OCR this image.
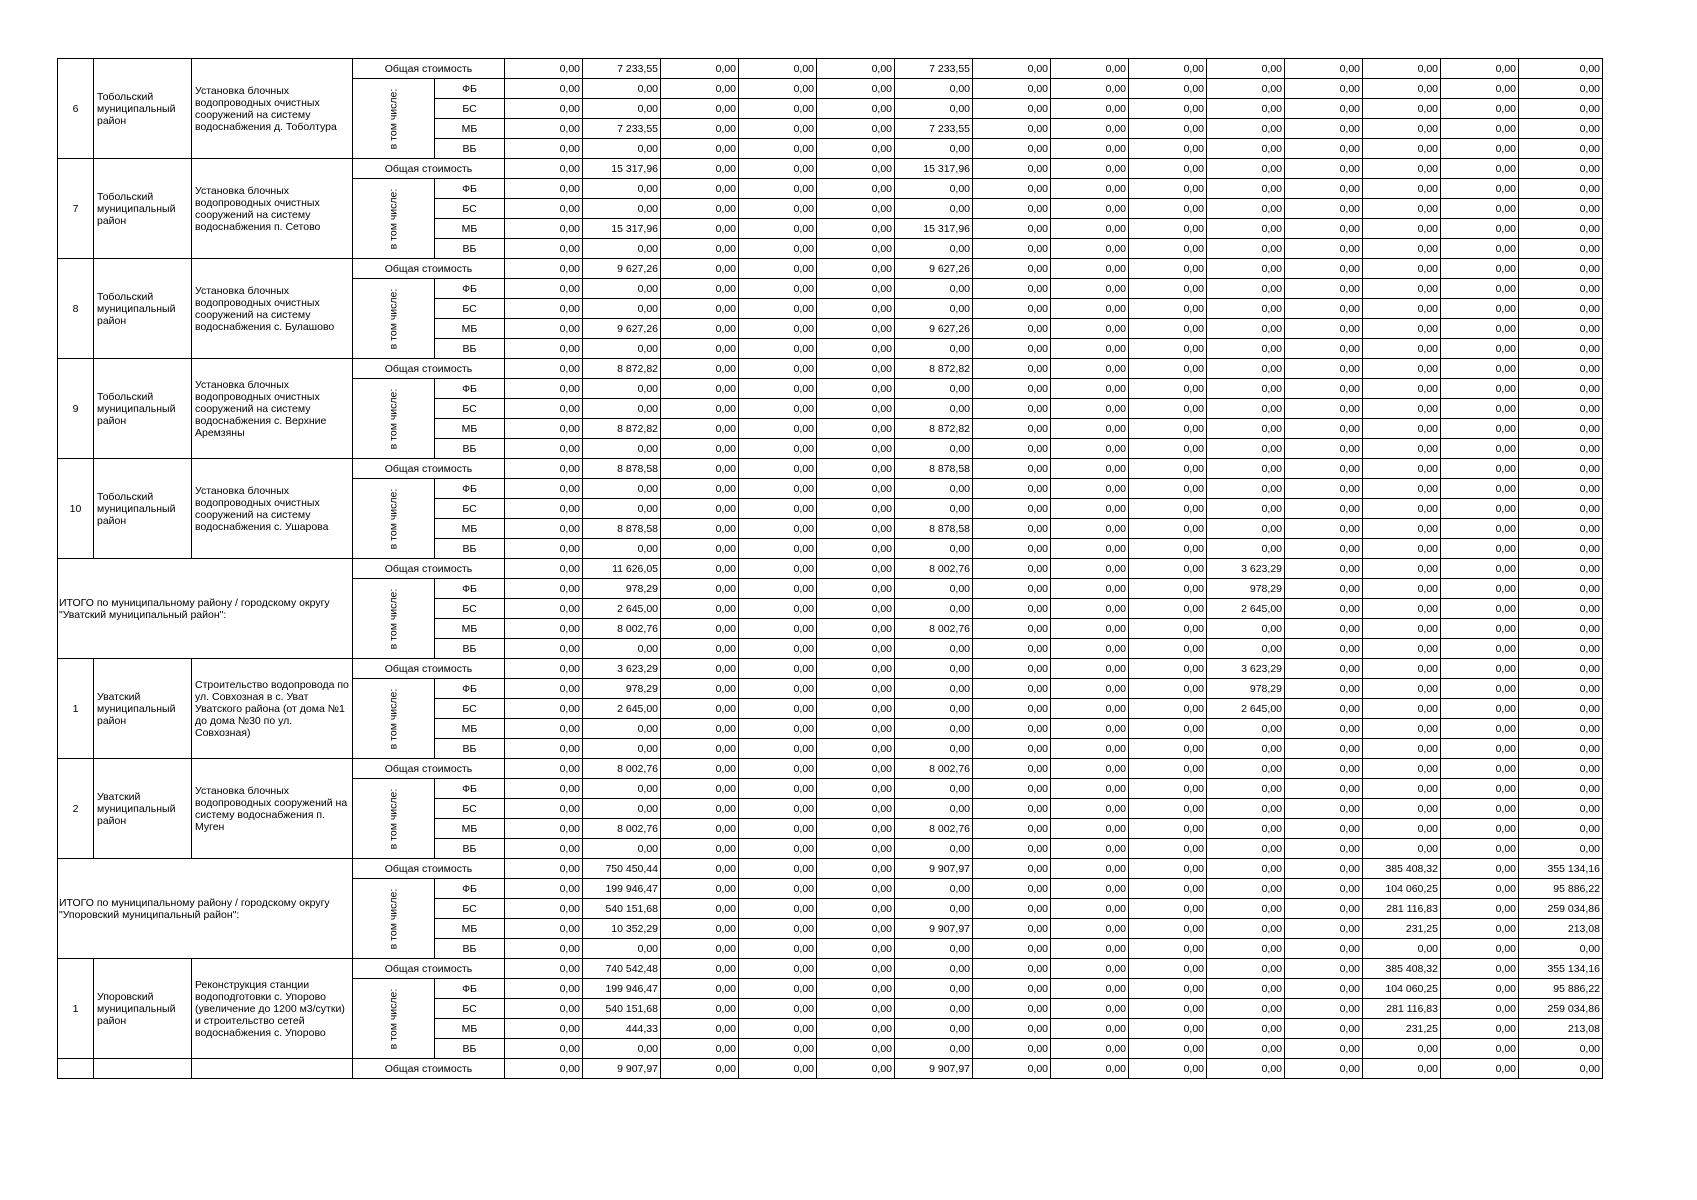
6	Тобольский муниципальный район	Установка блочных водопроводных очистных сооружений на систему водоснабжения д. Тоболтура	Общая стоимость		0,00	7 233,55	0,00	0,00	0,00	7 233,55	0,00	0,00	0,00	0,00	0,00	0,00	0,00	0,00

			в том числе:	ФБ	0,00	0,00	0,00	0,00	0,00	0,00	0,00	0,00	0,00	0,00	0,00	0,00	0,00	0,00
				БС	0,00	0,00	0,00	0,00	0,00	0,00	0,00	0,00	0,00	0,00	0,00	0,00	0,00	0,00
				МБ	0,00	7 233,55	0,00	0,00	0,00	7 233,55	0,00	0,00	0,00	0,00	0,00	0,00	0,00	0,00
				ВБ	0,00	0,00	0,00	0,00	0,00	0,00	0,00	0,00	0,00	0,00	0,00	0,00	0,00	0,00
7	Тобольский муниципальный район	Установка блочных водопроводных очистных сооружений на систему водоснабжения п. Сетово	Общая стоимость		0,00	15 317,96	0,00	0,00	0,00	15 317,96	0,00	0,00	0,00	0,00	0,00	0,00	0,00	0,00

			в том числе:	ФБ	0,00	0,00	0,00	0,00	0,00	0,00	0,00	0,00	0,00	0,00	0,00	0,00	0,00	0,00
				БС	0,00	0,00	0,00	0,00	0,00	0,00	0,00	0,00	0,00	0,00	0,00	0,00	0,00	0,00
				МБ	0,00	15 317,96	0,00	0,00	0,00	15 317,96	0,00	0,00	0,00	0,00	0,00	0,00	0,00	0,00
				ВБ	0,00	0,00	0,00	0,00	0,00	0,00	0,00	0,00	0,00	0,00	0,00	0,00	0,00	0,00
8	Тобольский муниципальный район	Установка блочных водопроводных очистных сооружений на систему водоснабжения с. Булашово	Общая стоимость		0,00	9 627,26	0,00	0,00	0,00	9 627,26	0,00	0,00	0,00	0,00	0,00	0,00	0,00	0,00

			в том числе:	ФБ	0,00	0,00	0,00	0,00	0,00	0,00	0,00	0,00	0,00	0,00	0,00	0,00	0,00	0,00
				БС	0,00	0,00	0,00	0,00	0,00	0,00	0,00	0,00	0,00	0,00	0,00	0,00	0,00	0,00
				МБ	0,00	9 627,26	0,00	0,00	0,00	9 627,26	0,00	0,00	0,00	0,00	0,00	0,00	0,00	0,00
				ВБ	0,00	0,00	0,00	0,00	0,00	0,00	0,00	0,00	0,00	0,00	0,00	0,00	0,00	0,00
9	Тобольский муниципальный район	Установка блочных водопроводных очистных сооружений на систему водоснабжения с. Верхние Аремзяны	Общая стоимость		0,00	8 872,82	0,00	0,00	0,00	8 872,82	0,00	0,00	0,00	0,00	0,00	0,00	0,00	0,00

			в том числе:	ФБ	0,00	0,00	0,00	0,00	0,00	0,00	0,00	0,00	0,00	0,00	0,00	0,00	0,00	0,00
				БС	0,00	0,00	0,00	0,00	0,00	0,00	0,00	0,00	0,00	0,00	0,00	0,00	0,00	0,00
				МБ	0,00	8 872,82	0,00	0,00	0,00	8 872,82	0,00	0,00	0,00	0,00	0,00	0,00	0,00	0,00
				ВБ	0,00	0,00	0,00	0,00	0,00	0,00	0,00	0,00	0,00	0,00	0,00	0,00	0,00	0,00
10	Тобольский муниципальный район	Установка блочных водопроводных очистных сооружений на систему водоснабжения с. Ушарова	Общая стоимость		0,00	8 878,58	0,00	0,00	0,00	8 878,58	0,00	0,00	0,00	0,00	0,00	0,00	0,00	0,00

			в том числе:	ФБ	0,00	0,00	0,00	0,00	0,00	0,00	0,00	0,00	0,00	0,00	0,00	0,00	0,00	0,00
				БС	0,00	0,00	0,00	0,00	0,00	0,00	0,00	0,00	0,00	0,00	0,00	0,00	0,00	0,00
				МБ	0,00	8 878,58	0,00	0,00	0,00	8 878,58	0,00	0,00	0,00	0,00	0,00	0,00	0,00	0,00
				ВБ	0,00	0,00	0,00	0,00	0,00	0,00	0,00	0,00	0,00	0,00	0,00	0,00	0,00	0,00
ИТОГО по муниципальному району / городскому округу "Уватский муниципальный район":			Общая стоимость		0,00	11 626,05	0,00	0,00	0,00	8 002,76	0,00	0,00	0,00	3 623,29	0,00	0,00	0,00	0,00

			в том числе:	ФБ	0,00	978,29	0,00	0,00	0,00	0,00	0,00	0,00	0,00	978,29	0,00	0,00	0,00	0,00
				БС	0,00	2 645,00	0,00	0,00	0,00	0,00	0,00	0,00	0,00	2 645,00	0,00	0,00	0,00	0,00
				МБ	0,00	8 002,76	0,00	0,00	0,00	8 002,76	0,00	0,00	0,00	0,00	0,00	0,00	0,00	0,00
				ВБ	0,00	0,00	0,00	0,00	0,00	0,00	0,00	0,00	0,00	0,00	0,00	0,00	0,00	0,00
1	Уватский муниципальный район	Строительство водопровода по ул. Совхозная в с. Уват Уватского района (от дома №1 до дома №30 по ул. Совхозная)	Общая стоимость		0,00	3 623,29	0,00	0,00	0,00	0,00	0,00	0,00	0,00	3 623,29	0,00	0,00	0,00	0,00

			в том числе:	ФБ	0,00	978,29	0,00	0,00	0,00	0,00	0,00	0,00	0,00	978,29	0,00	0,00	0,00	0,00
				БС	0,00	2 645,00	0,00	0,00	0,00	0,00	0,00	0,00	0,00	2 645,00	0,00	0,00	0,00	0,00
				МБ	0,00	0,00	0,00	0,00	0,00	0,00	0,00	0,00	0,00	0,00	0,00	0,00	0,00	0,00
				ВБ	0,00	0,00	0,00	0,00	0,00	0,00	0,00	0,00	0,00	0,00	0,00	0,00	0,00	0,00
2	Уватский муниципальный район	Установка блочных водопроводных сооружений на систему водоснабжения п. Муген	Общая стоимость		0,00	8 002,76	0,00	0,00	0,00	8 002,76	0,00	0,00	0,00	0,00	0,00	0,00	0,00	0,00

			в том числе:	ФБ	0,00	0,00	0,00	0,00	0,00	0,00	0,00	0,00	0,00	0,00	0,00	0,00	0,00	0,00
				БС	0,00	0,00	0,00	0,00	0,00	0,00	0,00	0,00	0,00	0,00	0,00	0,00	0,00	0,00
				МБ	0,00	8 002,76	0,00	0,00	0,00	8 002,76	0,00	0,00	0,00	0,00	0,00	0,00	0,00	0,00
				ВБ	0,00	0,00	0,00	0,00	0,00	0,00	0,00	0,00	0,00	0,00	0,00	0,00	0,00	0,00
ИТОГО по муниципальному району / городскому округу "Упоровский муниципальный район":			Общая стоимость		0,00	750 450,44	0,00	0,00	0,00	9 907,97	0,00	0,00	0,00	0,00	0,00	385 408,32	0,00	355 134,16

			в том числе:	ФБ	0,00	199 946,47	0,00	0,00	0,00	0,00	0,00	0,00	0,00	0,00	0,00	104 060,25	0,00	95 886,22
				БС	0,00	540 151,68	0,00	0,00	0,00	0,00	0,00	0,00	0,00	0,00	0,00	281 116,83	0,00	259 034,86
				МБ	0,00	10 352,29	0,00	0,00	0,00	9 907,97	0,00	0,00	0,00	0,00	0,00	231,25	0,00	213,08
				ВБ	0,00	0,00	0,00	0,00	0,00	0,00	0,00	0,00	0,00	0,00	0,00	0,00	0,00	0,00
1	Упоровский муниципальный район	Реконструкция станции водоподготовки с. Упорово (увеличение до 1200 м3/сутки) и строительство сетей водоснабжения с. Упорово	Общая стоимость		0,00	740 542,48	0,00	0,00	0,00	0,00	0,00	0,00	0,00	0,00	0,00	385 408,32	0,00	355 134,16

			в том числе:	ФБ	0,00	199 946,47	0,00	0,00	0,00	0,00	0,00	0,00	0,00	0,00	0,00	104 060,25	0,00	95 886,22
				БС	0,00	540 151,68	0,00	0,00	0,00	0,00	0,00	0,00	0,00	0,00	0,00	281 116,83	0,00	259 034,86
				МБ	0,00	444,33	0,00	0,00	0,00	0,00	0,00	0,00	0,00	0,00	0,00	231,25	0,00	213,08
				ВБ	0,00	0,00	0,00	0,00	0,00	0,00	0,00	0,00	0,00	0,00	0,00	0,00	0,00	0,00
			Общая стоимость		0,00	9 907,97	0,00	0,00	0,00	9 907,97	0,00	0,00	0,00	0,00	0,00	0,00	0,00	0,00
